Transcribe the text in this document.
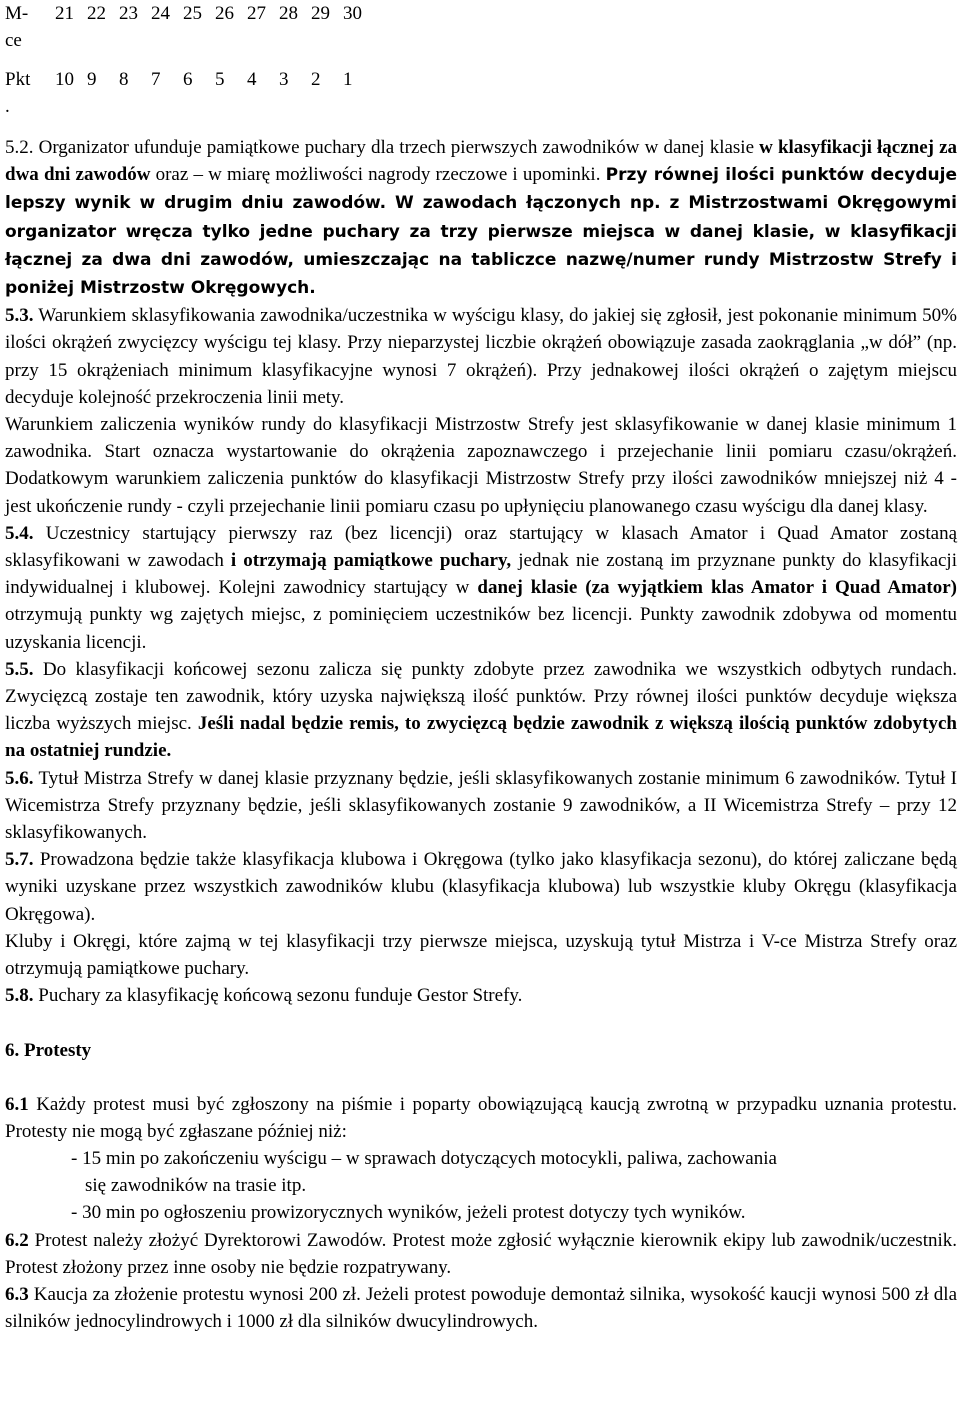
M-
ce	21	22	23	24	25	26	27	28	29	30

Pkt
.	10	9	8	7	6	5	4	3	2	1

5.2. Organizator ufunduje pamiątkowe puchary dla trzech pierwszych zawodników w danej klasie w klasyfikacji łącznej za dwa dni zawodów oraz – w miarę możliwości nagrody rzeczowe i upominki. Przy równej ilości punktów decyduje lepszy wynik w drugim dniu zawodów. W zawodach łączonych np. z Mistrzostwami Okręgowymi organizator wręcza tylko jedne puchary za trzy pierwsze miejsca w danej klasie, w klasyfikacji łącznej za dwa dni zawodów, umieszczając na tabliczce nazwę/numer rundy Mistrzostw Strefy i poniżej Mistrzostw Okręgowych.

5.3. Warunkiem sklasyfikowania zawodnika/uczestnika w wyścigu klasy, do jakiej się zgłosił, jest pokonanie minimum 50% ilości okrążeń zwycięzcy wyścigu tej klasy. Przy nieparzystej liczbie okrążeń obowiązuje zasada zaokrąglania „w dół” (np. przy 15 okrążeniach minimum klasyfikacyjne wynosi 7 okrążeń). Przy jednakowej ilości okrążeń o zajętym miejscu decyduje kolejność przekroczenia linii mety.

Warunkiem zaliczenia wyników rundy do klasyfikacji Mistrzostw Strefy jest sklasyfikowanie w danej klasie minimum 1 zawodnika. Start oznacza wystartowanie do okrążenia zapoznawczego i przejechanie linii pomiaru czasu/okrążeń. Dodatkowym warunkiem zaliczenia punktów do klasyfikacji Mistrzostw Strefy przy ilości zawodników mniejszej niż 4 - jest ukończenie rundy - czyli przejechanie linii pomiaru czasu po upłynięciu planowanego czasu wyścigu dla danej klasy.

5.4. Uczestnicy startujący pierwszy raz (bez licencji) oraz startujący w klasach Amator i Quad Amator zostaną sklasyfikowani w zawodach i otrzymają pamiątkowe puchary, jednak nie zostaną im przyznane punkty do klasyfikacji indywidualnej i klubowej. Kolejni zawodnicy startujący w danej klasie (za wyjątkiem klas Amator i Quad Amator) otrzymują punkty wg zajętych miejsc, z pominięciem uczestników bez licencji. Punkty zawodnik zdobywa od momentu uzyskania licencji.

5.5. Do klasyfikacji końcowej sezonu zalicza się punkty zdobyte przez zawodnika we wszystkich odbytych rundach. Zwycięzcą zostaje ten zawodnik, który uzyska największą ilość punktów. Przy równej ilości punktów decyduje większa liczba wyższych miejsc. Jeśli nadal będzie remis, to zwycięzcą będzie zawodnik z większą ilością punktów zdobytych na ostatniej rundzie.

5.6. Tytuł Mistrza Strefy w danej klasie przyznany będzie, jeśli sklasyfikowanych zostanie minimum 6 zawodników. Tytuł I Wicemistrza Strefy przyznany będzie, jeśli sklasyfikowanych zostanie 9 zawodników, a II Wicemistrza Strefy – przy 12 sklasyfikowanych.

5.7. Prowadzona będzie także klasyfikacja klubowa i Okręgowa (tylko jako klasyfikacja sezonu), do której zaliczane będą wyniki uzyskane przez wszystkich zawodników klubu (klasyfikacja klubowa) lub wszystkie kluby Okręgu (klasyfikacja Okręgowa).

Kluby i Okręgi, które zajmą w tej klasyfikacji trzy pierwsze miejsca, uzyskują tytuł Mistrza i V-ce Mistrza Strefy oraz otrzymują pamiątkowe puchary.

5.8. Puchary za klasyfikację końcową sezonu funduje Gestor Strefy.

6. Protesty

6.1 Każdy protest musi być zgłoszony na piśmie i poparty obowiązującą kaucją zwrotną w przypadku uznania protestu. Protesty nie mogą być zgłaszane później niż:

- 15 min po zakończeniu wyścigu – w sprawach dotyczących motocykli, paliwa, zachowania

się zawodników na trasie itp.

- 30 min po ogłoszeniu prowizorycznych wyników, jeżeli protest dotyczy tych wyników.

6.2 Protest należy złożyć Dyrektorowi Zawodów. Protest może zgłosić wyłącznie kierownik ekipy lub zawodnik/uczestnik. Protest złożony przez inne osoby nie będzie rozpatrywany.

6.3 Kaucja za złożenie protestu wynosi 200 zł. Jeżeli protest powoduje demontaż silnika, wysokość kaucji wynosi 500 zł dla silników jednocylindrowych i 1000 zł dla silników dwucylindrowych.
